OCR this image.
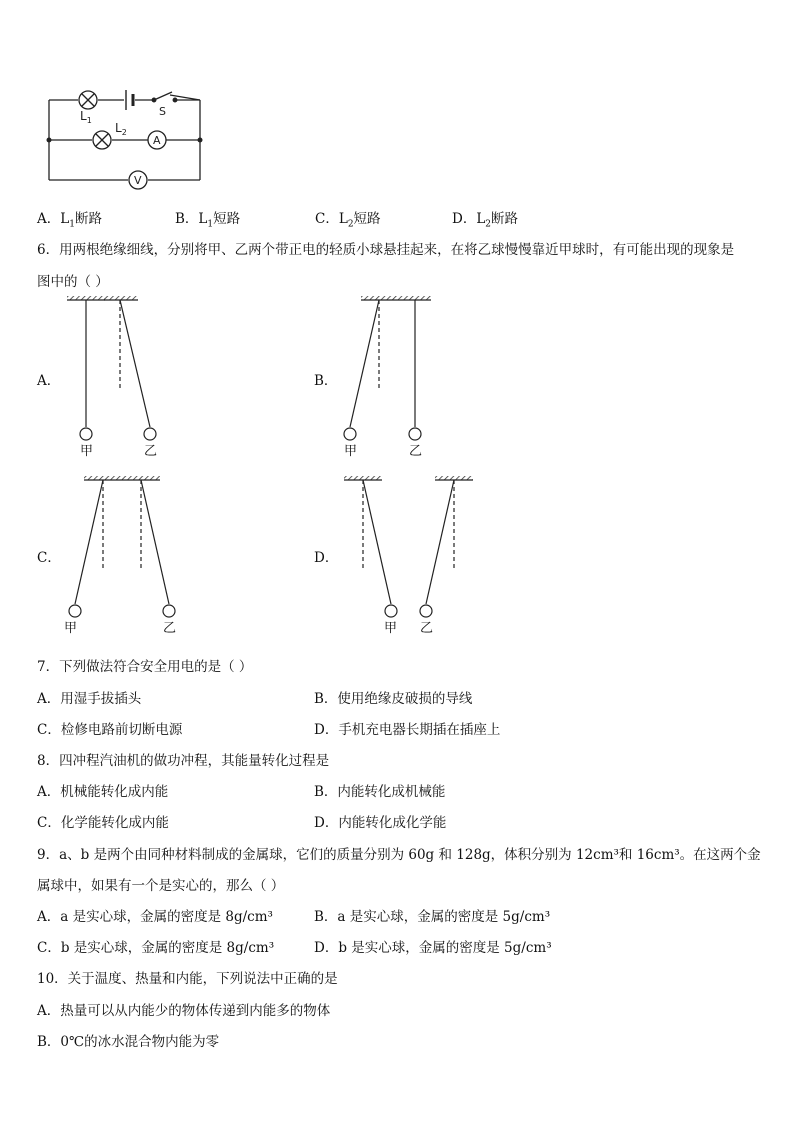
$L_1$
$L_2$
S
A
V
A．$L_1$断路	B．$L_1$短路	C．$L_2$短路	D．$L_2$断路
6．用两根绝缘细线，分别将甲、乙两个带正电的轻质小球悬挂起来，在将乙球慢慢靠近甲球时，有可能出现的现象是
图中的（ ）
A．	B．
C．	D．
甲	乙	甲	乙
甲	乙	甲 乙
7．下列做法符合安全用电的是（ ）
A．用湿手拔插头	B．使用绝缘皮破损的导线
C．检修电路前切断电源	D．手机充电器长期插在插座上
8．四冲程汽油机的做功冲程，其能量转化过程是
A．机械能转化成内能	B．内能转化成机械能
C．化学能转化成内能	D．内能转化成化学能
9．a、b 是两个由同种材料制成的金属球，它们的质量分别为 60g 和 128g，体积分别为 12cm³和 16cm³。在这两个金
属球中，如果有一个是实心的，那么（ ）
A．a 是实心球，金属的密度是 8g/cm³	B．a 是实心球，金属的密度是 5g/cm³
C．b 是实心球，金属的密度是 8g/cm³	D．b 是实心球，金属的密度是 5g/cm³
10．关于温度、热量和内能，下列说法中正确的是
A．热量可以从内能少的物体传递到内能多的物体
B．0℃的冰水混合物内能为零
